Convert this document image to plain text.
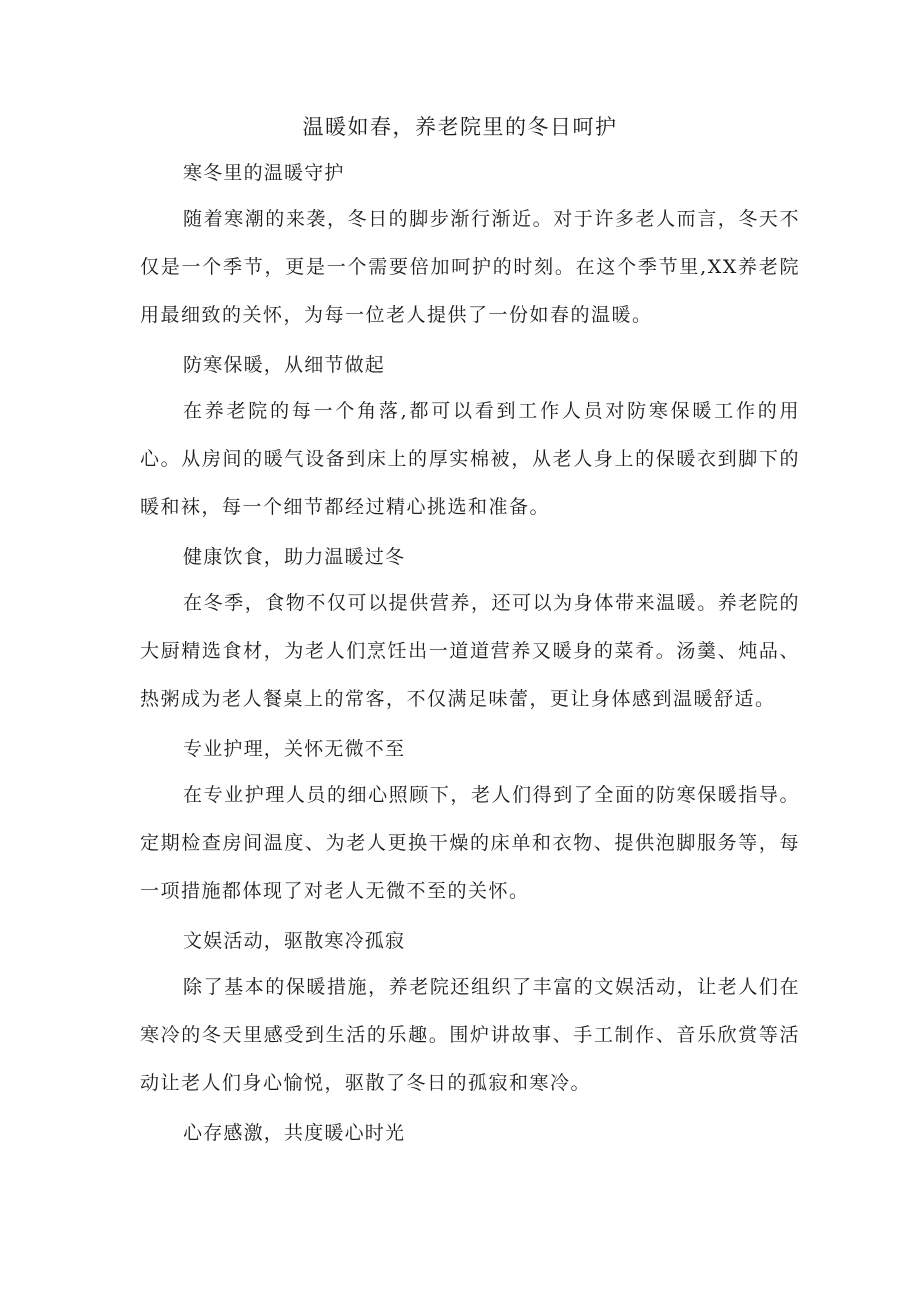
温暖如春，养老院里的冬日呵护
寒冬里的温暖守护

随着寒潮的来袭，冬日的脚步渐行渐近。对于许多老人而言，冬天不仅是一个季节，更是一个需要倍加呵护的时刻。在这个季节里,XX养老院用最细致的关怀，为每一位老人提供了一份如春的温暖。

防寒保暖，从细节做起

在养老院的每一个角落,都可以看到工作人员对防寒保暖工作的用心。从房间的暖气设备到床上的厚实棉被，从老人身上的保暖衣到脚下的暖和袜，每一个细节都经过精心挑选和准备。

健康饮食，助力温暖过冬

在冬季，食物不仅可以提供营养，还可以为身体带来温暖。养老院的大厨精选食材，为老人们烹饪出一道道营养又暖身的菜肴。汤羹、炖品、热粥成为老人餐桌上的常客，不仅满足味蕾，更让身体感到温暖舒适。

专业护理，关怀无微不至

在专业护理人员的细心照顾下，老人们得到了全面的防寒保暖指导。定期检查房间温度、为老人更换干燥的床单和衣物、提供泡脚服务等，每一项措施都体现了对老人无微不至的关怀。

文娱活动，驱散寒冷孤寂

除了基本的保暖措施，养老院还组织了丰富的文娱活动，让老人们在寒冷的冬天里感受到生活的乐趣。围炉讲故事、手工制作、音乐欣赏等活动让老人们身心愉悦，驱散了冬日的孤寂和寒冷。

心存感激，共度暖心时光
